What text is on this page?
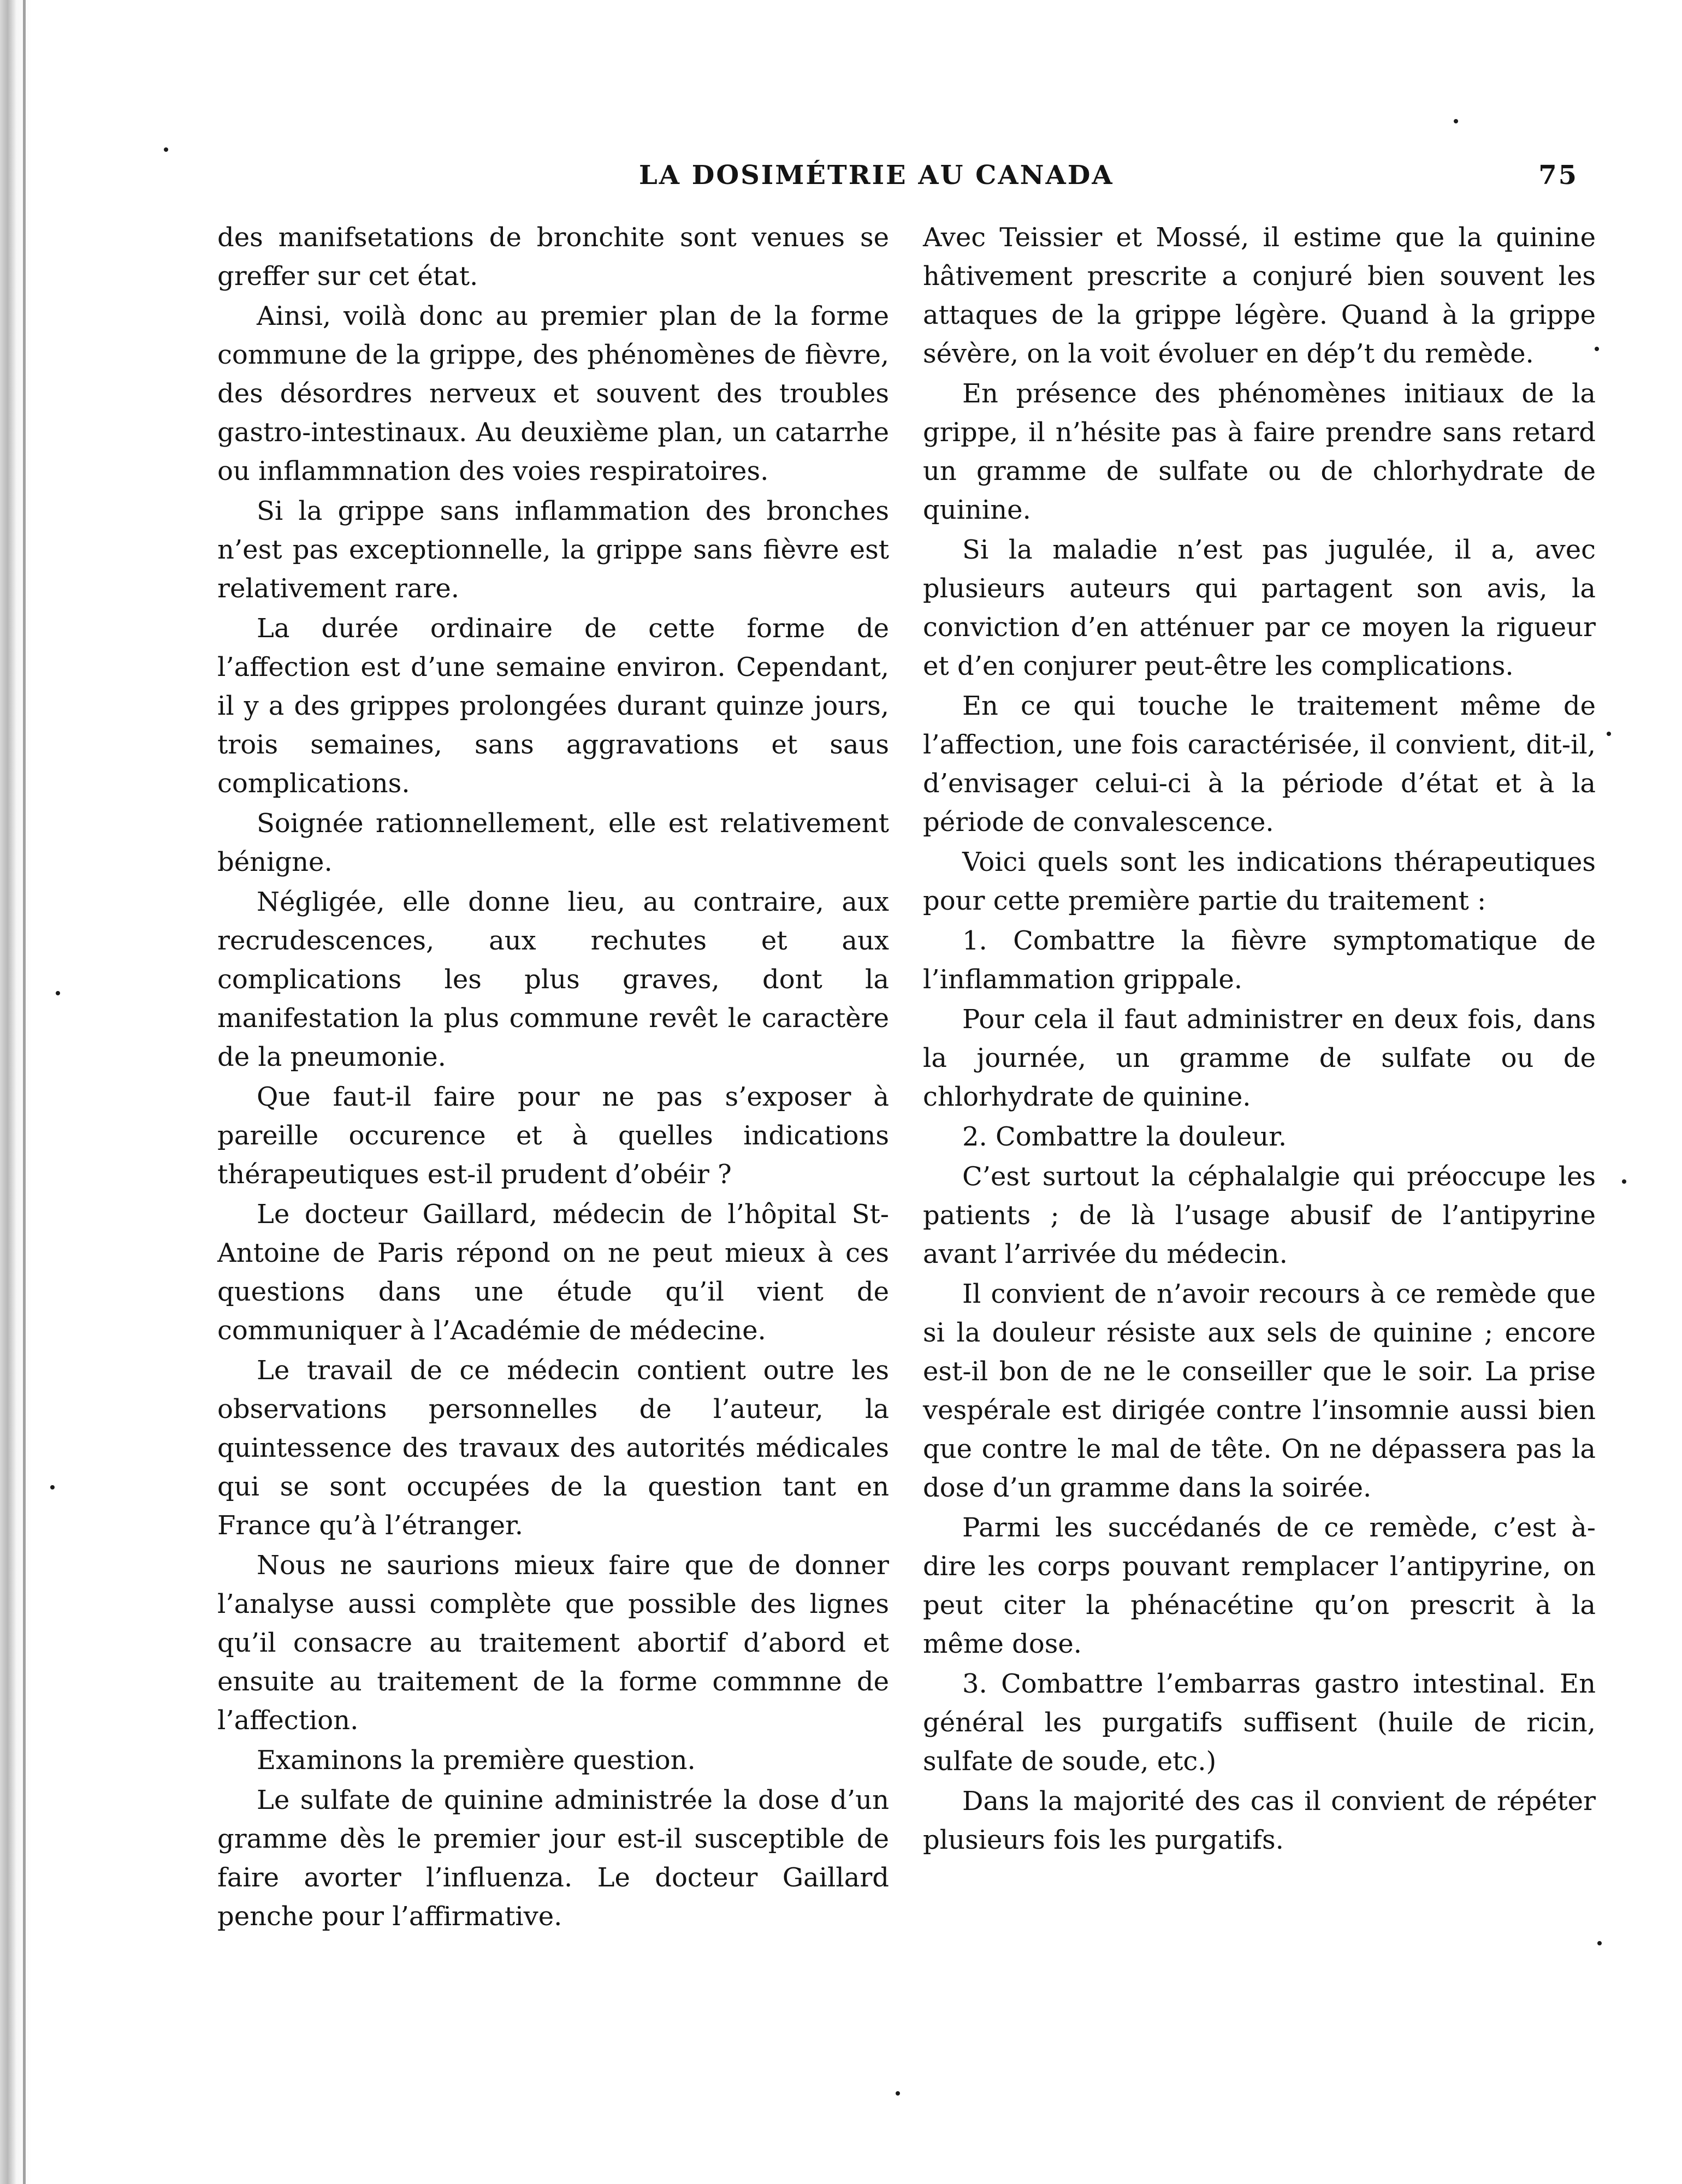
LA DOSIMÉTRIE AU CANADA	75

des manifsetations de bronchite sont venues se greffer sur cet état.

Ainsi, voilà donc au premier plan de la forme commune de la grippe, des phénomènes de fièvre, des désordres nerveux et souvent des troubles gastro-intestinaux. Au deuxième plan, un catarrhe ou inflammnation des voies respiratoires.

Si la grippe sans inflammation des bronches n’est pas exceptionnelle, la grippe sans fièvre est relativement rare.

La durée ordinaire de cette forme de l’affection est d’une semaine environ. Cependant, il y a des grippes prolongées durant quinze jours, trois semaines, sans aggravations et saus complications.

Soignée rationnellement, elle est relativement bénigne.

Négligée, elle donne lieu, au contraire, aux recrudescences, aux rechutes et aux complications les plus graves, dont la manifestation la plus commune revêt le caractère de la pneumonie.

Que faut-il faire pour ne pas s’exposer à pareille occurence et à quelles indications thérapeutiques est-il prudent d’obéir ?

Le docteur Gaillard, médecin de l’hôpital St-Antoine de Paris répond on ne peut mieux à ces questions dans une étude qu’il vient de communiquer à l’Académie de médecine.

Le travail de ce médecin contient outre les observations personnelles de l’auteur, la quintessence des travaux des autorités médicales qui se sont occupées de la question tant en France qu’à l’étranger.

Nous ne saurions mieux faire que de donner l’analyse aussi complète que possible des lignes qu’il consacre au traitement abortif d’abord et ensuite au traitement de la forme commnne de l’affection.

Examinons la première question.

Le sulfate de quinine administrée la dose d’un gramme dès le premier jour est-il susceptible de faire avorter l’influenza. Le docteur Gaillard penche pour l’affirmative.

Avec Teissier et Mossé, il estime que la quinine hâtivement prescrite a conjuré bien souvent les attaques de la grippe légère. Quand à la grippe sévère, on la voit évoluer en dép’t du remède.

En présence des phénomènes initiaux de la grippe, il n’hésite pas à faire prendre sans retard un gramme de sulfate ou de chlorhydrate de quinine.

Si la maladie n’est pas jugulée, il a, avec plusieurs auteurs qui partagent son avis, la conviction d’en atténuer par ce moyen la rigueur et d’en conjurer peut-être les complications.

En ce qui touche le traitement même de l’affection, une fois caractérisée, il convient, dit-il, d’envisager celui-ci à la période d’état et à la période de convalescence.

Voici quels sont les indications thérapeutiques pour cette première partie du traitement :

1. Combattre la fièvre symptomatique de l’inflammation grippale.

Pour cela il faut administrer en deux fois, dans la journée, un gramme de sulfate ou de chlorhydrate de quinine.

2. Combattre la douleur.

C’est surtout la céphalalgie qui préoccupe les patients ; de là l’usage abusif de l’antipyrine avant l’arrivée du médecin.

Il convient de n’avoir recours à ce remède que si la douleur résiste aux sels de quinine ; encore est-il bon de ne le conseiller que le soir. La prise vespérale est dirigée contre l’insomnie aussi bien que contre le mal de tête. On ne dépassera pas la dose d’un gramme dans la soirée.

Parmi les succédanés de ce remède, c’est à-dire les corps pouvant remplacer l’antipyrine, on peut citer la phénacétine qu’on prescrit à la même dose.

3. Combattre l’embarras gastro intestinal. En général les purgatifs suffisent (huile de ricin, sulfate de soude, etc.)

Dans la majorité des cas il convient de répéter plusieurs fois les purgatifs.
